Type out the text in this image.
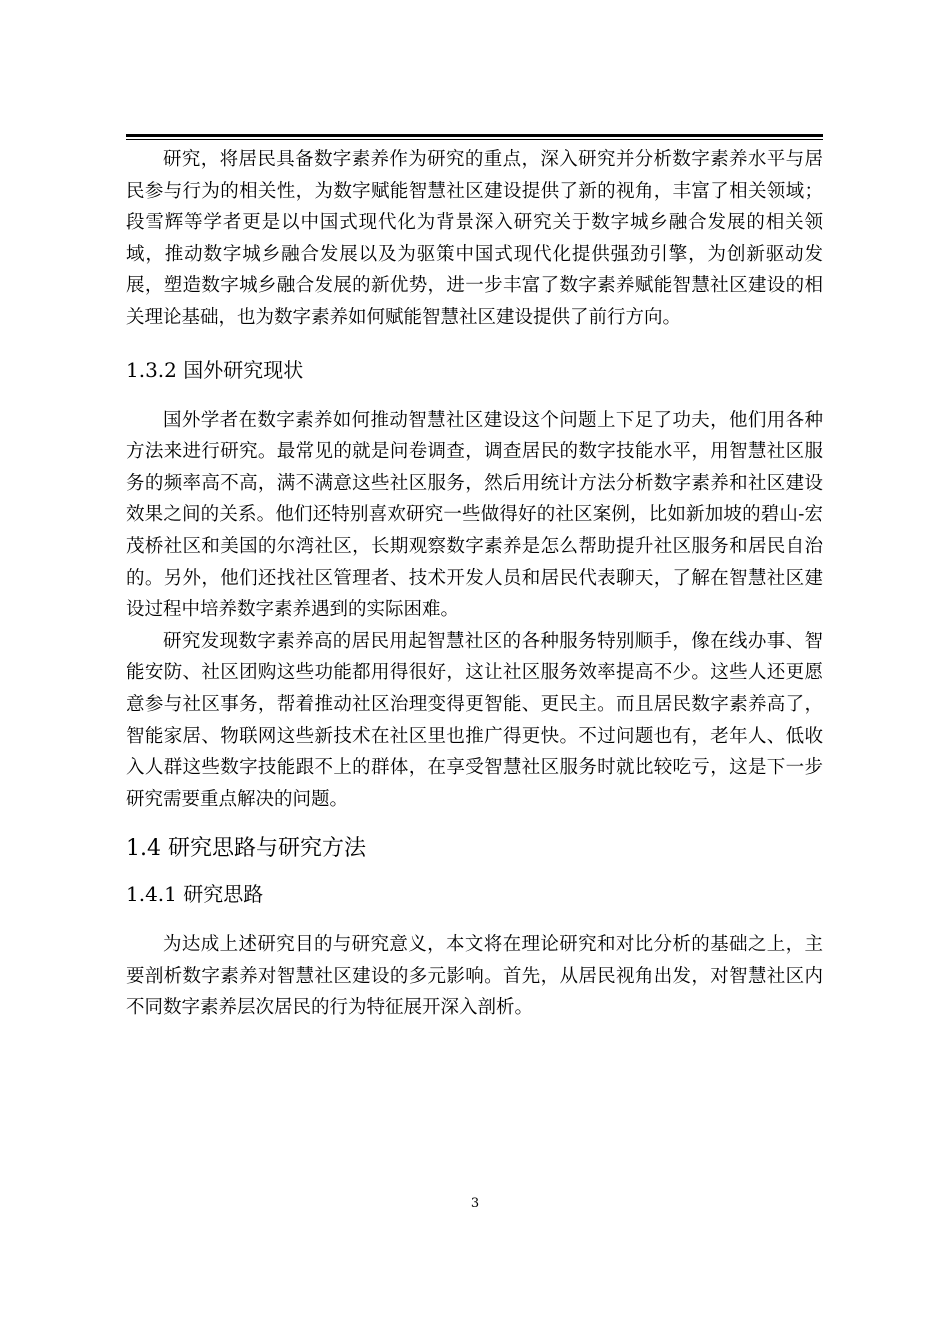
研究，将居民具备数字素养作为研究的重点，深入研究并分析数字素养水平与居民参与行为的相关性，为数字赋能智慧社区建设提供了新的视角，丰富了相关领域；段雪辉等学者更是以中国式现代化为背景深入研究关于数字城乡融合发展的相关领域，推动数字城乡融合发展以及为驱策中国式现代化提供强劲引擎，为创新驱动发展，塑造数字城乡融合发展的新优势，进一步丰富了数字素养赋能智慧社区建设的相关理论基础，也为数字素养如何赋能智慧社区建设提供了前行方向。

1.3.2 国外研究现状

国外学者在数字素养如何推动智慧社区建设这个问题上下足了功夫，他们用各种方法来进行研究。最常见的就是问卷调查，调查居民的数字技能水平，用智慧社区服务的频率高不高，满不满意这些社区服务，然后用统计方法分析数字素养和社区建设效果之间的关系。他们还特别喜欢研究一些做得好的社区案例，比如新加坡的碧山-宏茂桥社区和美国的尔湾社区，长期观察数字素养是怎么帮助提升社区服务和居民自治的。另外，他们还找社区管理者、技术开发人员和居民代表聊天，了解在智慧社区建设过程中培养数字素养遇到的实际困难。

研究发现数字素养高的居民用起智慧社区的各种服务特别顺手，像在线办事、智能安防、社区团购这些功能都用得很好，这让社区服务效率提高不少。这些人还更愿意参与社区事务，帮着推动社区治理变得更智能、更民主。而且居民数字素养高了，智能家居、物联网这些新技术在社区里也推广得更快。不过问题也有，老年人、低收入人群这些数字技能跟不上的群体，在享受智慧社区服务时就比较吃亏，这是下一步研究需要重点解决的问题。

1.4 研究思路与研究方法
1.4.1 研究思路

为达成上述研究目的与研究意义，本文将在理论研究和对比分析的基础之上，主要剖析数字素养对智慧社区建设的多元影响。首先，从居民视角出发，对智慧社区内不同数字素养层次居民的行为特征展开深入剖析。

3
